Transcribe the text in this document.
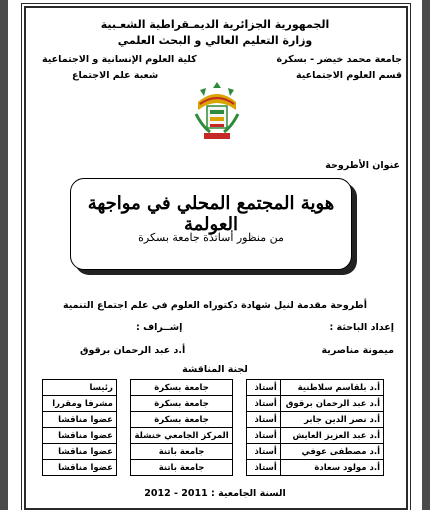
الجمهورية الجزائرية الديمـقراطية الشعـبية
وزارة التعليم العالي و البحث العلمي
جامعة محمد خيضر - بسكرة
قسم العلوم الاجتماعية
كلية العلوم الإنسانية و الاجتماعية
شعبة علم الاجتماع
عنوان الأطروحة
هوية المجتمع المحلي في مواجهة العولمة
من منظور أساتذة جامعة بسكرة
أطروحة مقدمة لنيل شهادة دكتوراه العلوم في علم اجتماع التنمية
إعداد الباحثة :
إشــراف :
ميمونة مناصرية
أ.د عبد الرحمان برقوق
لجنة المناقشة
أ.د بلقاسم سلاطنية	أستاذ		جامعة بسكرة		رئيسا
أ.د عبد الرحمان برقوق	أستاذ		جامعة بسكرة		مشرفا ومقررا
أ.د نصر الدين جابر	أستاذ		جامعة بسكرة		عضوا مناقشا
أ.د عبد العزيز العايش	أستاذ		المركز الجامعي خنشلة		عضوا مناقشا
أ.د مصطفى عوفي	أستاذ		جامعة باتنة		عضوا مناقشا
أ.د مولود سعادة	أستاذ		جامعة باتنة		عضوا مناقشا
السنة الجامعية : 2011 - 2012
